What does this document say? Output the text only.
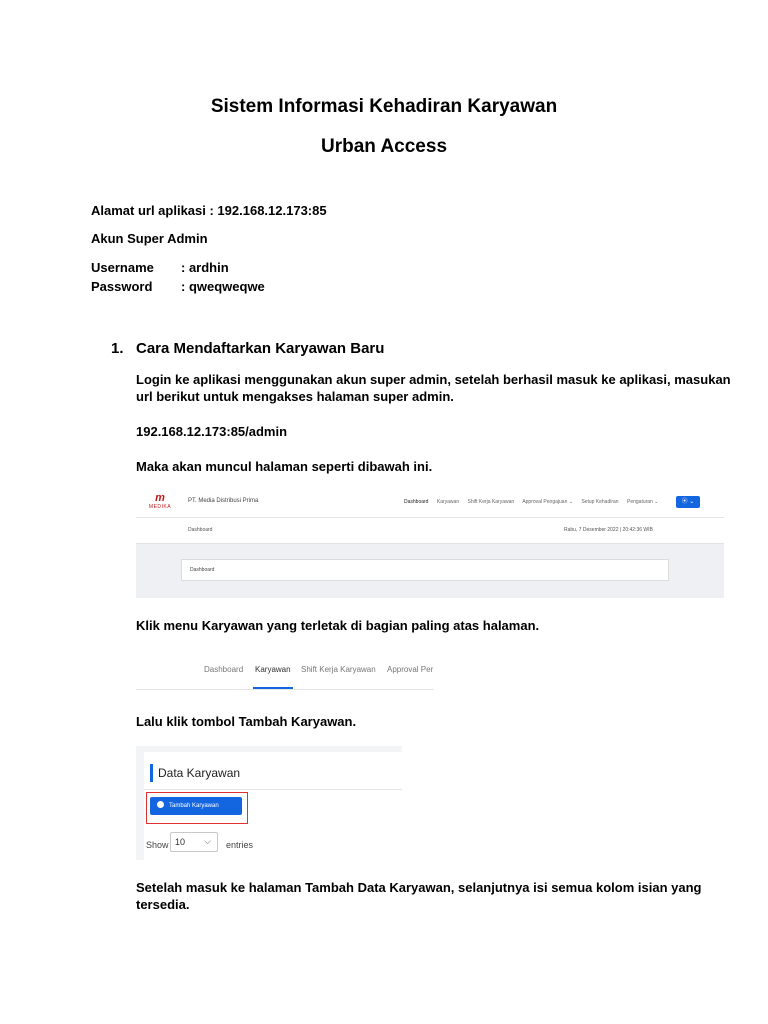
Sistem Informasi Kehadiran Karyawan
Urban Access
Alamat url aplikasi : 192.168.12.173:85
Akun Super Admin
Username : ardhin
Password : qweqweqwe
1. Cara Mendaftarkan Karyawan Baru
Login ke aplikasi menggunakan akun super admin, setelah berhasil masuk ke aplikasi, masukan
url berikut untuk mengakses halaman super admin.
192.168.12.173:85/admin
Maka akan muncul halaman seperti dibawah ini.
m
MEDIKA
PT. Media Distribusi Prima	Dashboard Karyawan Shift Kerja Karyawan Approval Pengajuan ⌄ Setup Kehadiran Pengaturan ⌄	⦿ ⌄
Dashboard	Rabu, 7 Desember 2022 | 20:42:36 WIB
Dashboard
Klik menu Karyawan yang terletak di bagian paling atas halaman.
Dashboard Karyawan Shift Kerja Karyawan Approval Per
Lalu klik tombol Tambah Karyawan.
Data Karyawan
Tambah Karyawan
Show 10 ⌵ entries
Setelah masuk ke halaman Tambah Data Karyawan, selanjutnya isi semua kolom isian yang
tersedia.
